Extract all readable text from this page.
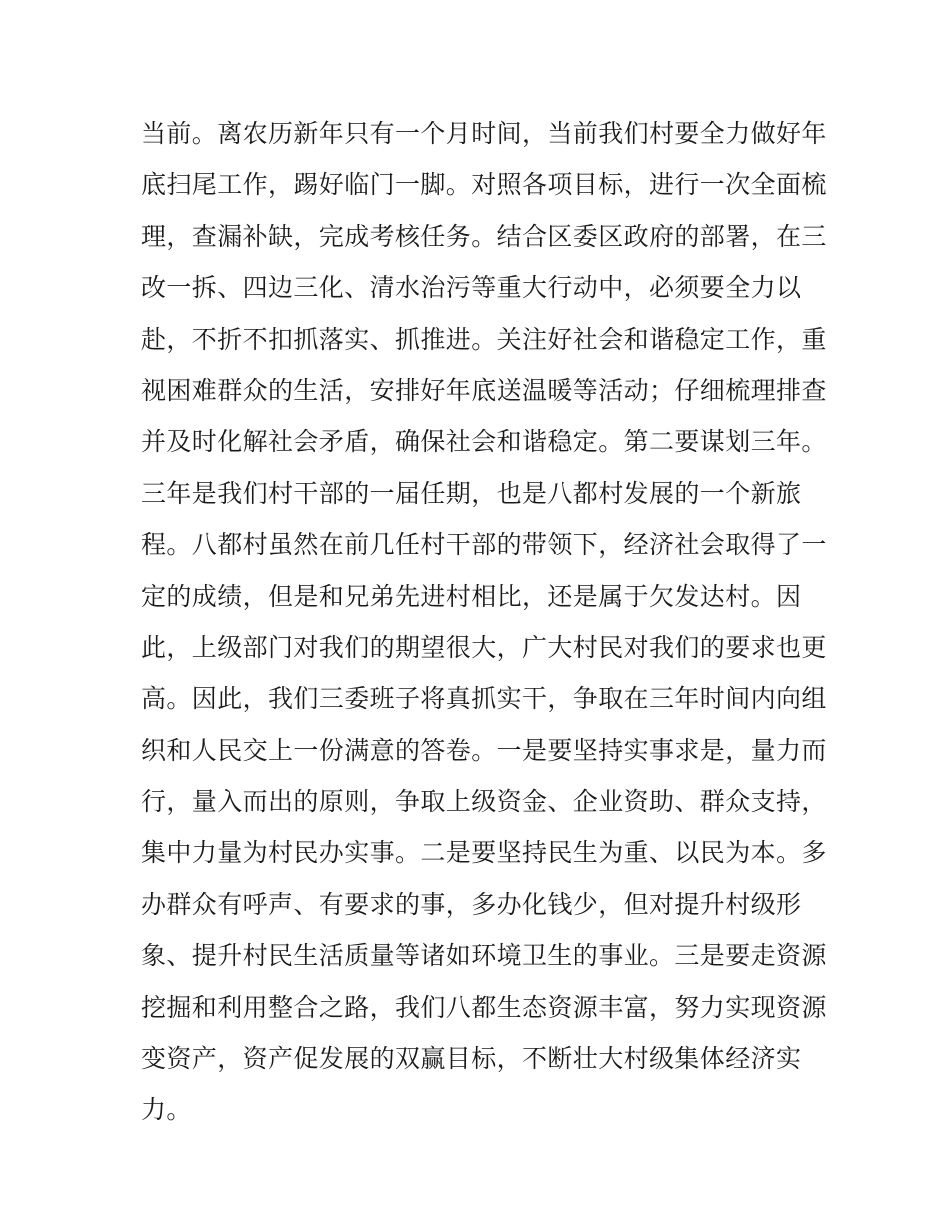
当前。离农历新年只有一个月时间，当前我们村要全力做好年
底扫尾工作，踢好临门一脚。对照各项目标，进行一次全面梳
理，查漏补缺，完成考核任务。结合区委区政府的部署，在三
改一拆、四边三化、清水治污等重大行动中，必须要全力以
赴，不折不扣抓落实、抓推进。关注好社会和谐稳定工作，重
视困难群众的生活，安排好年底送温暖等活动；仔细梳理排查
并及时化解社会矛盾，确保社会和谐稳定。第二要谋划三年。
三年是我们村干部的一届任期，也是八都村发展的一个新旅
程。八都村虽然在前几任村干部的带领下，经济社会取得了一
定的成绩，但是和兄弟先进村相比，还是属于欠发达村。因
此，上级部门对我们的期望很大，广大村民对我们的要求也更
高。因此，我们三委班子将真抓实干，争取在三年时间内向组
织和人民交上一份满意的答卷。一是要坚持实事求是，量力而
行，量入而出的原则，争取上级资金、企业资助、群众支持，
集中力量为村民办实事。二是要坚持民生为重、以民为本。多
办群众有呼声、有要求的事，多办化钱少，但对提升村级形
象、提升村民生活质量等诸如环境卫生的事业。三是要走资源
挖掘和利用整合之路，我们八都生态资源丰富，努力实现资源
变资产，资产促发展的双赢目标，不断壮大村级集体经济实
力。
